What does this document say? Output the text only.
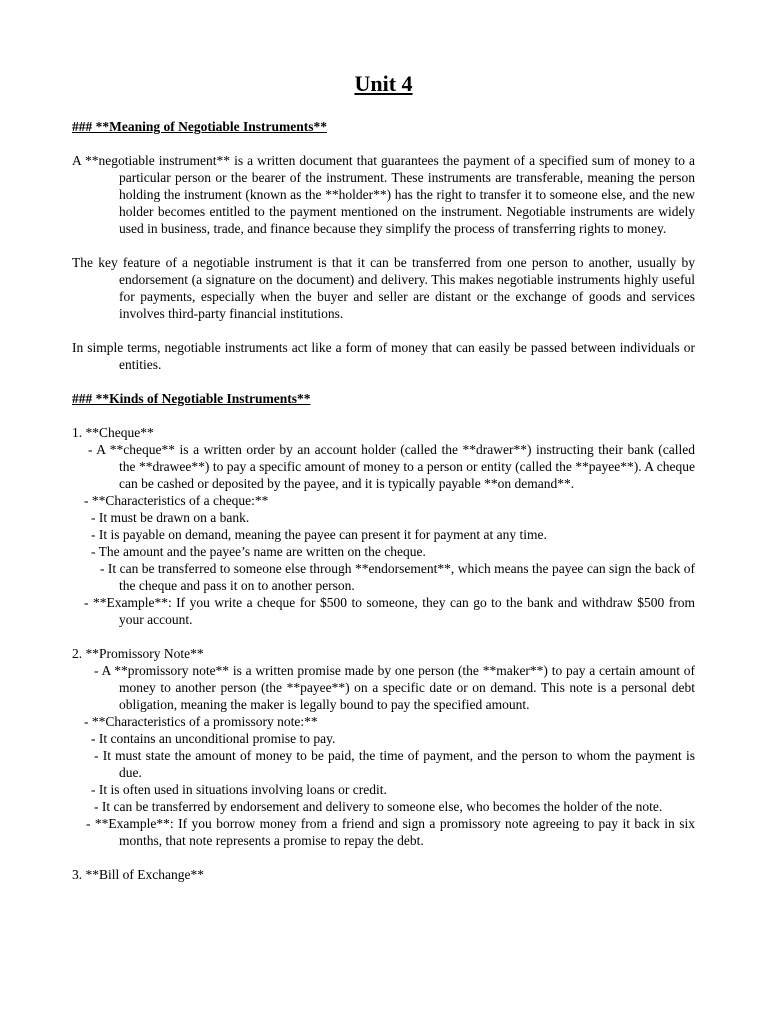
Unit 4
### **Meaning of Negotiable Instruments**
A **negotiable instrument** is a written document that guarantees the payment of a specified sum of money to a particular person or the bearer of the instrument. These instruments are transferable, meaning the person holding the instrument (known as the **holder**) has the right to transfer it to someone else, and the new holder becomes entitled to the payment mentioned on the instrument. Negotiable instruments are widely used in business, trade, and finance because they simplify the process of transferring rights to money.
The key feature of a negotiable instrument is that it can be transferred from one person to another, usually by endorsement (a signature on the document) and delivery. This makes negotiable instruments highly useful for payments, especially when the buyer and seller are distant or the exchange of goods and services involves third-party financial institutions.
In simple terms, negotiable instruments act like a form of money that can easily be passed between individuals or entities.
### **Kinds of Negotiable Instruments**
1. **Cheque**
- A **cheque** is a written order by an account holder (called the **drawer**) instructing their bank (called the **drawee**) to pay a specific amount of money to a person or entity (called the **payee**). A cheque can be cashed or deposited by the payee, and it is typically payable **on demand**.
- **Characteristics of a cheque:**
- It must be drawn on a bank.
- It is payable on demand, meaning the payee can present it for payment at any time.
- The amount and the payee’s name are written on the cheque.
- It can be transferred to someone else through **endorsement**, which means the payee can sign the back of the cheque and pass it on to another person.
- **Example**: If you write a cheque for $500 to someone, they can go to the bank and withdraw $500 from your account.
2. **Promissory Note**
- A **promissory note** is a written promise made by one person (the **maker**) to pay a certain amount of money to another person (the **payee**) on a specific date or on demand. This note is a personal debt obligation, meaning the maker is legally bound to pay the specified amount.
- **Characteristics of a promissory note:**
- It contains an unconditional promise to pay.
- It must state the amount of money to be paid, the time of payment, and the person to whom the payment is due.
- It is often used in situations involving loans or credit.
- It can be transferred by endorsement and delivery to someone else, who becomes the holder of the note.
- **Example**: If you borrow money from a friend and sign a promissory note agreeing to pay it back in six months, that note represents a promise to repay the debt.
3. **Bill of Exchange**
